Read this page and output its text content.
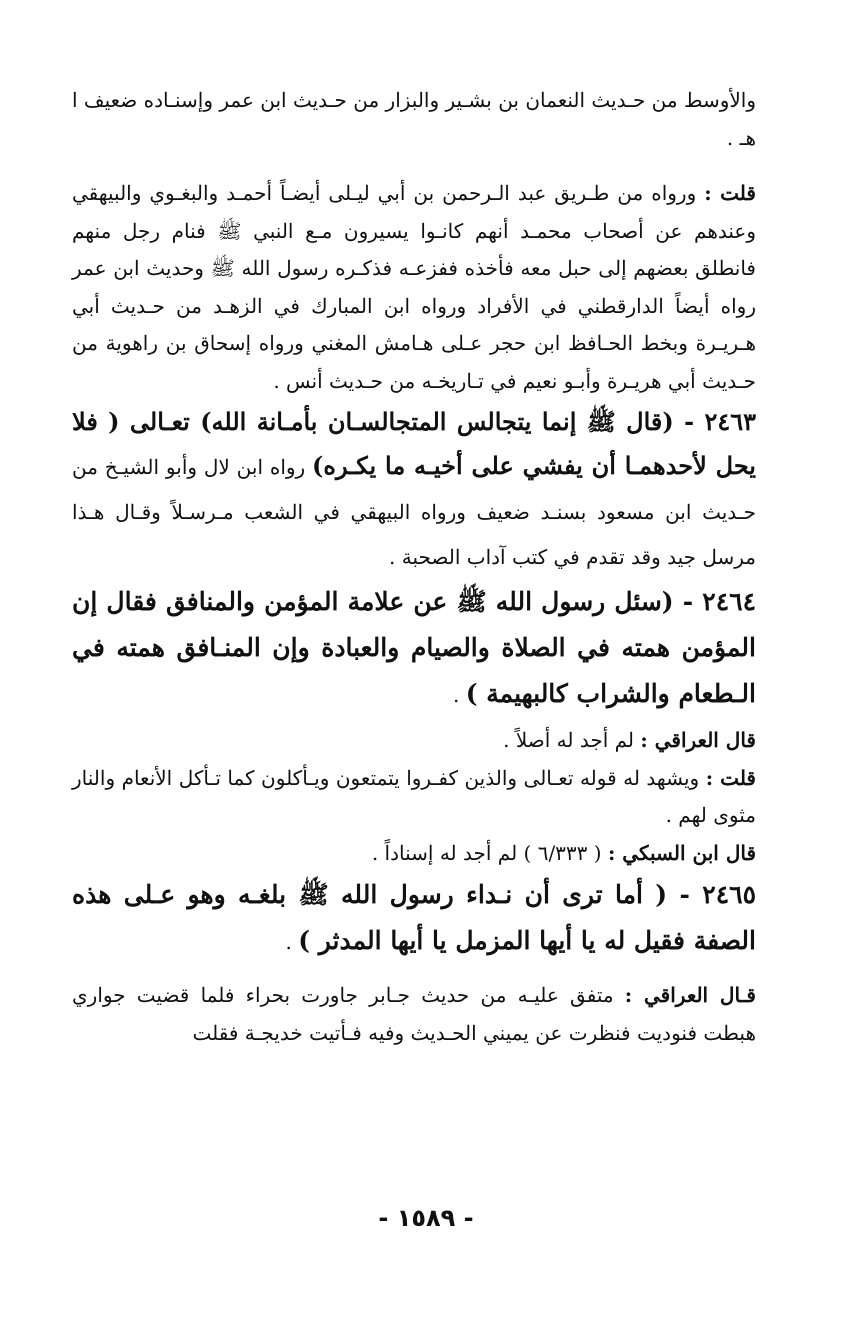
والأوسط من حـديث النعمان بن بشـير والبزار من حـديث ابن عمر وإسنـاده ضعيف ا هـ .

قلت : ورواه من طـريق عبد الـرحمن بن أبي ليـلى أيضـاً أحمـد والبغـوي والبيهقي وعندهم عن أصحاب محمـد أنهم كانـوا يسيرون مـع النبي ﷺ فنام رجل منهم فانطلق بعضهم إلى حبل معه فأخذه ففزعـه فذكـره رسول الله ﷺ وحديث ابن عمر رواه أيضاً الدارقطني في الأفراد ورواه ابن المبارك في الزهـد من حـديث أبي هـريـرة وبخط الحـافظ ابن حجر عـلى هـامش المغني ورواه إسحاق بن راهوية من حـديث أبي هريـرة وأبـو نعيم في تـاريخـه من حـديث أنس .

٢٤٦٣ - (قال ﷺ إنما يتجالس المتجالسـان بأمـانة الله) تعـالى ( فلا يحل لأحدهمـا أن يفشي على أخيـه ما يكـره) رواه ابن لال وأبو الشيـخ من حـديث ابن مسعود بسنـد ضعيف ورواه البيهقي في الشعب مـرسـلاً وقـال هـذا مرسل جيد وقد تقدم في كتب آداب الصحبة .

٢٤٦٤ - (سئل رسول الله ﷺ عن علامة المؤمن والمنافق فقال إن المؤمن همته في الصلاة والصيام والعبادة وإن المنـافق همته في الـطعام والشراب كالبهيمة ) .

قال العراقي : لم أجد له أصلاً .

قلت : ويشهد له قوله تعـالى والذين كفـروا يتمتعون ويـأكلون كما تـأكل الأنعام والنار مثوى لهم .

قال ابن السبكي : ( ٦/٣٣٣ ) لم أجد له إسناداً .

٢٤٦٥ - ( أما ترى أن نـداء رسول الله ﷺ بلغـه وهو عـلى هذه الصفة فقيل له يا أيها المزمل يا أيها المدثر ) .

قـال العراقي : متفق عليـه من حديث جـابر جاورت بحراء فلما قضيت جواري هبطت فنوديت فنظرت عن يميني الحـديث وفيه فـأتيت خديجـة فقلت

- ١٥٨٩ -
